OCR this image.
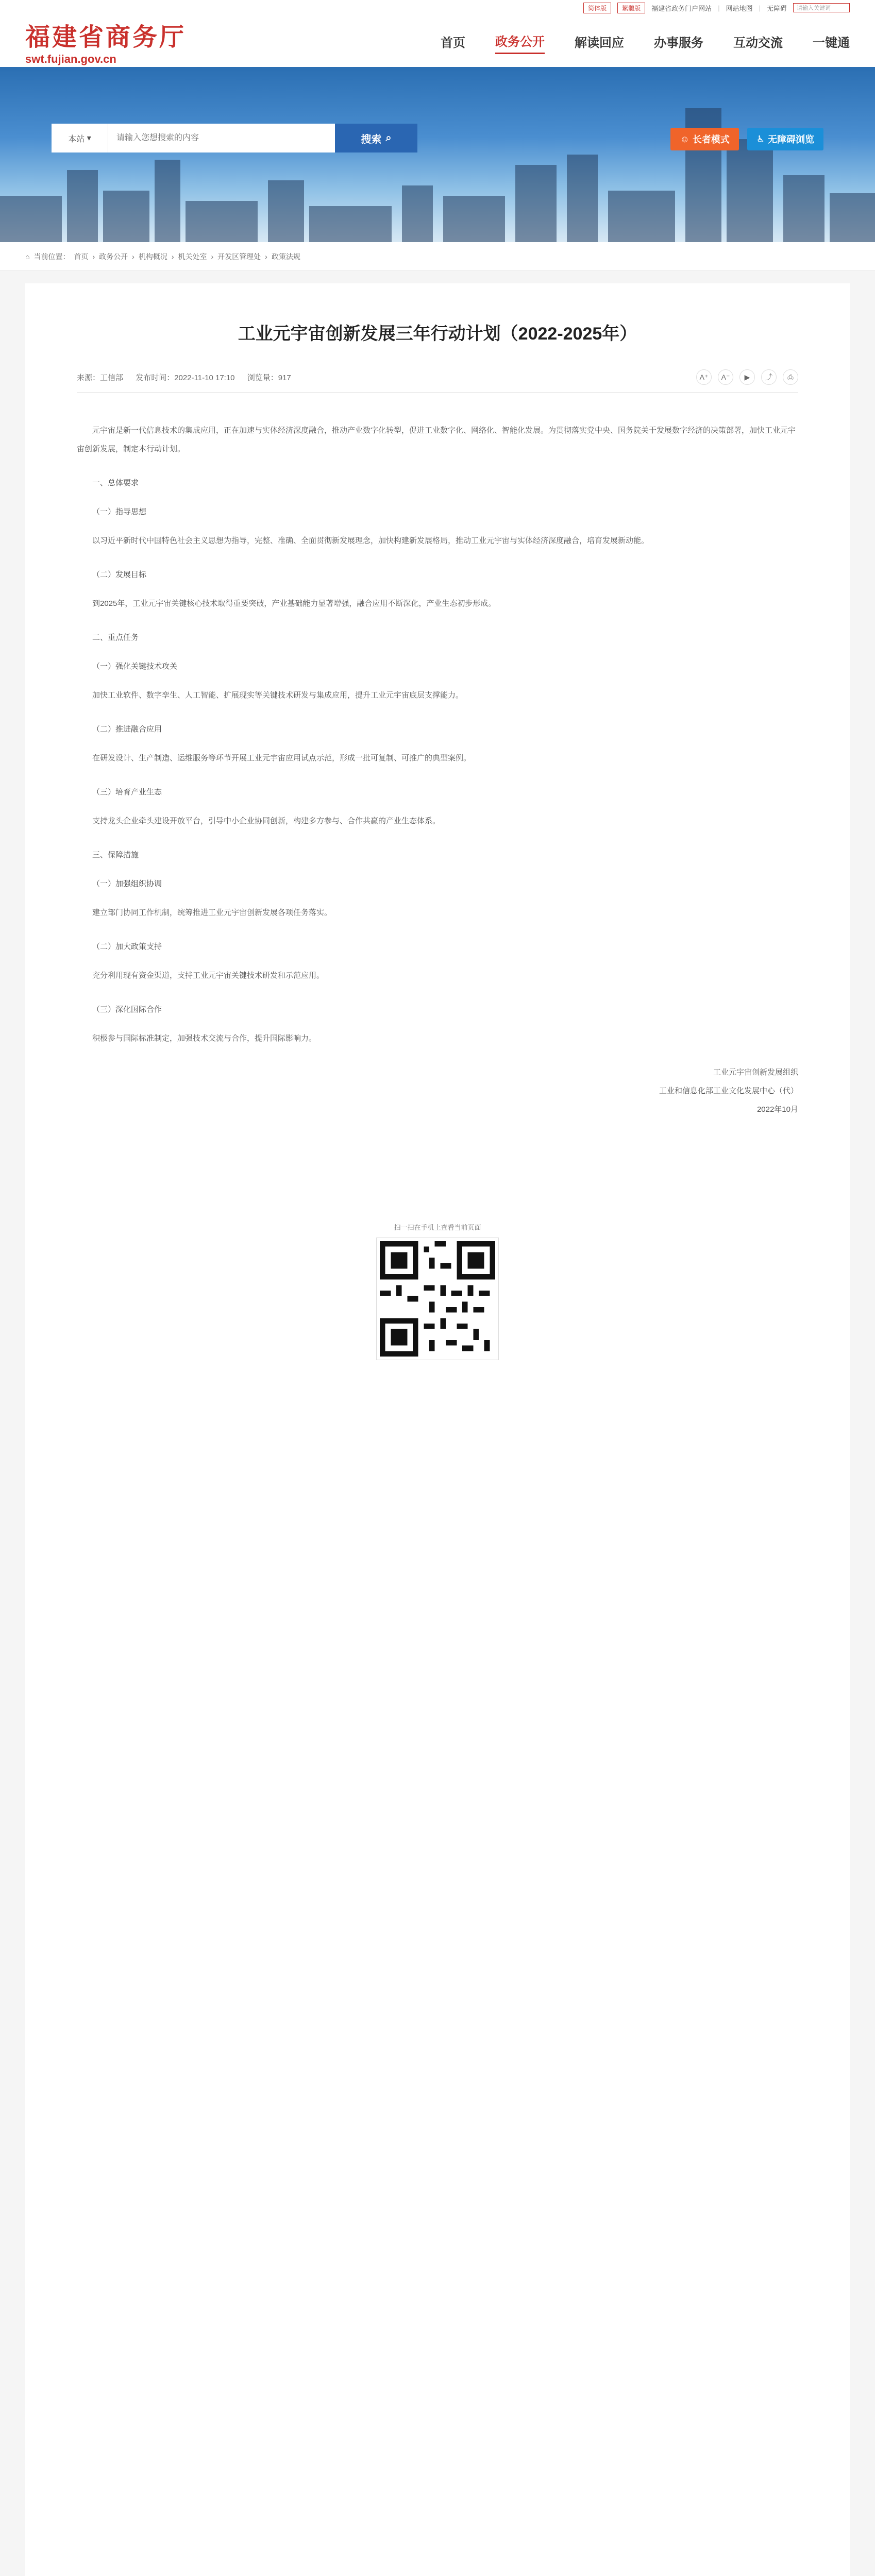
简体版	繁體版	福建省政务门户网站 | 网站地图 | 无障碍	请输入关键词
福建省商务厅
swt.fujian.gov.cn
首页 政务公开 解读回应 办事服务 互动交流 一键通
本站
▾
请输入您想搜索的内容	搜索 ⌕	☺ 长者模式	♿ 无障碍浏览
⌂ 当前位置： 首页 › 政务公开 › 机构概况 › 机关处室 › 开发区管理处 › 政策法规
工业元宇宙创新发展三年行动计划（2022-2025年）
来源：工信部 发布时间：2022-11-10 17:10 浏览量：917	A⁺	A⁻	▶	⤴	⎙

元宇宙是新一代信息技术的集成应用，正在加速与实体经济深度融合，推动产业数字化转型，促进工业数字化、网络化、智能化发展。为贯彻落实党中央、国务院关于发展数字经济的决策部署，加快工业元宇宙创新发展，制定本行动计划。

一、总体要求

（一）指导思想

以习近平新时代中国特色社会主义思想为指导，完整、准确、全面贯彻新发展理念，加快构建新发展格局，推动工业元宇宙与实体经济深度融合，培育发展新动能。

（二）发展目标

到2025年，工业元宇宙关键核心技术取得重要突破，产业基础能力显著增强，融合应用不断深化，产业生态初步形成。

二、重点任务

（一）强化关键技术攻关

加快工业软件、数字孪生、人工智能、扩展现实等关键技术研发与集成应用，提升工业元宇宙底层支撑能力。

（二）推进融合应用

在研发设计、生产制造、运维服务等环节开展工业元宇宙应用试点示范，形成一批可复制、可推广的典型案例。

（三）培育产业生态

支持龙头企业牵头建设开放平台，引导中小企业协同创新，构建多方参与、合作共赢的产业生态体系。

三、保障措施

（一）加强组织协调

建立部门协同工作机制，统筹推进工业元宇宙创新发展各项任务落实。

（二）加大政策支持

充分利用现有资金渠道，支持工业元宇宙关键技术研发和示范应用。

（三）深化国际合作

积极参与国际标准制定，加强技术交流与合作，提升国际影响力。

工业元宇宙创新发展组织
工业和信息化部工业文化发展中心（代）
2022年10月
扫一扫在手机上查看当前页面
